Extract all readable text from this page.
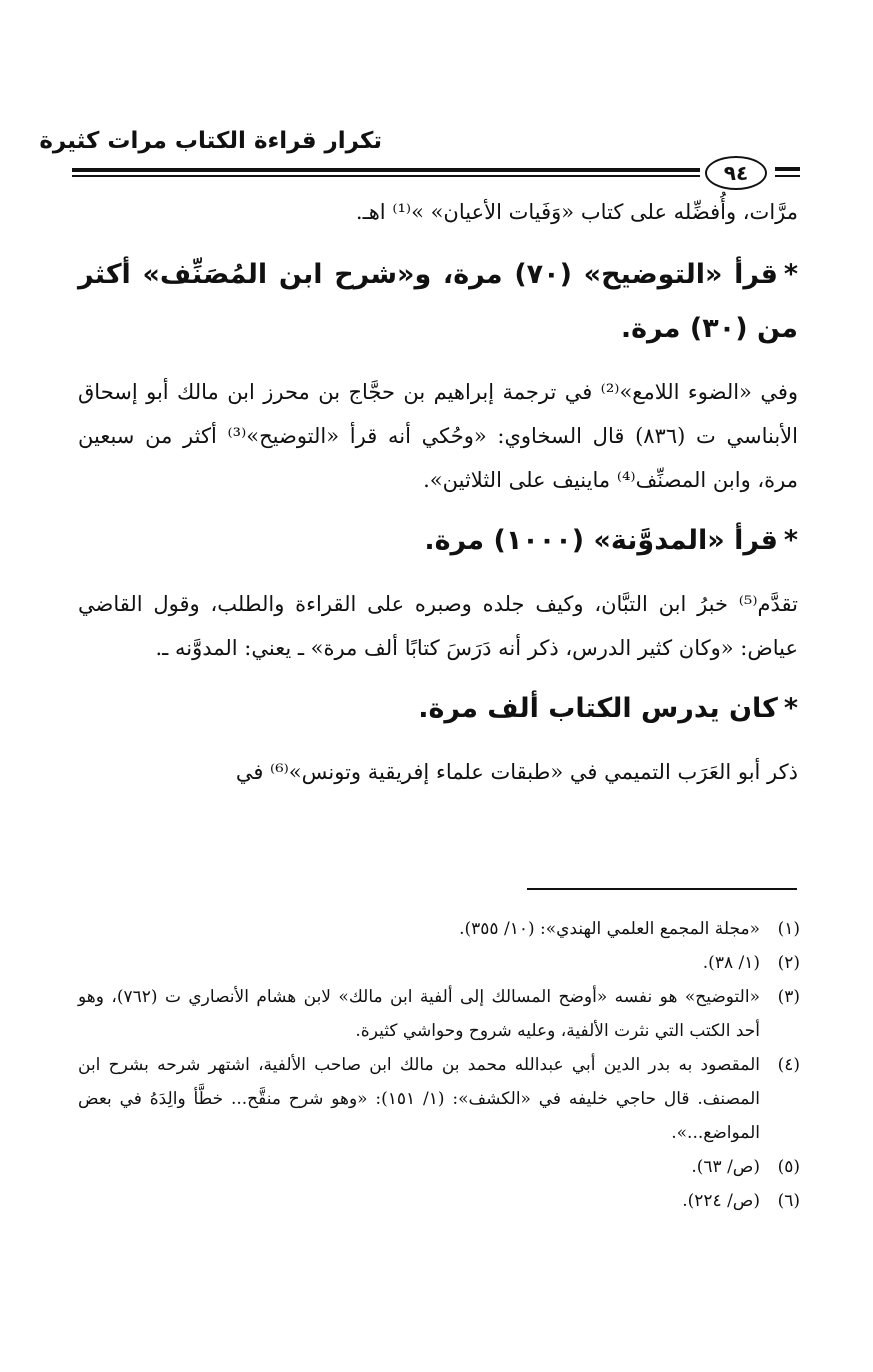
تكرار قراءة الكتاب مرات كثيرة
٩٤

مرَّات، وأُفضِّله على كتاب «وَفَيات الأعيان» »⁽¹⁾ اهـ.

*قرأ «التوضيح» (٧٠) مرة، و«شرح ابن المُصَنِّف» أكثر من (٣٠) مرة.

وفي «الضوء اللامع»⁽²⁾ في ترجمة إبراهيم بن حجَّاج بن محرز ابن مالك أبو إسحاق الأبناسي ت (٨٣٦) قال السخاوي: «وحُكي أنه قرأ «التوضيح»⁽³⁾ أكثر من سبعين مرة، وابن المصنِّف⁽⁴⁾ ماينيف على الثلاثين».

*قرأ «المدوَّنة» (١٠٠٠) مرة.

تقدَّم⁽⁵⁾ خبرُ ابن التبَّان، وكيف جلده وصبره على القراءة والطلب، وقول القاضي عياض: «وكان كثير الدرس، ذكر أنه دَرَسَ كتابًا ألف مرة» ـ يعني: المدوَّنه ـ.

*كان يدرس الكتاب ألف مرة.

ذكر أبو العَرَب التميمي في «طبقات علماء إفريقية وتونس»⁽⁶⁾ في

(١)
«مجلة المجمع العلمي الهندي»: (١٠/ ٣٥٥).
(٢)
(١/ ٣٨).
(٣)
«التوضيح» هو نفسه «أوضح المسالك إلى ألفية ابن مالك» لابن هشام الأنصاري ت (٧٦٢)، وهو أحد الكتب التي نثرت الألفية، وعليه شروح وحواشي كثيرة.
(٤)
المقصود به بدر الدين أبي عبدالله محمد بن مالك ابن صاحب الألفية، اشتهر شرحه بشرح ابن المصنف. قال حاجي خليفه في «الكشف»: (١/ ١٥١): «وهو شرح منقَّح... خطَّأ والِدَهُ في بعض المواضع...».
(٥)
(ص/ ٦٣).
(٦)
(ص/ ٢٢٤).
